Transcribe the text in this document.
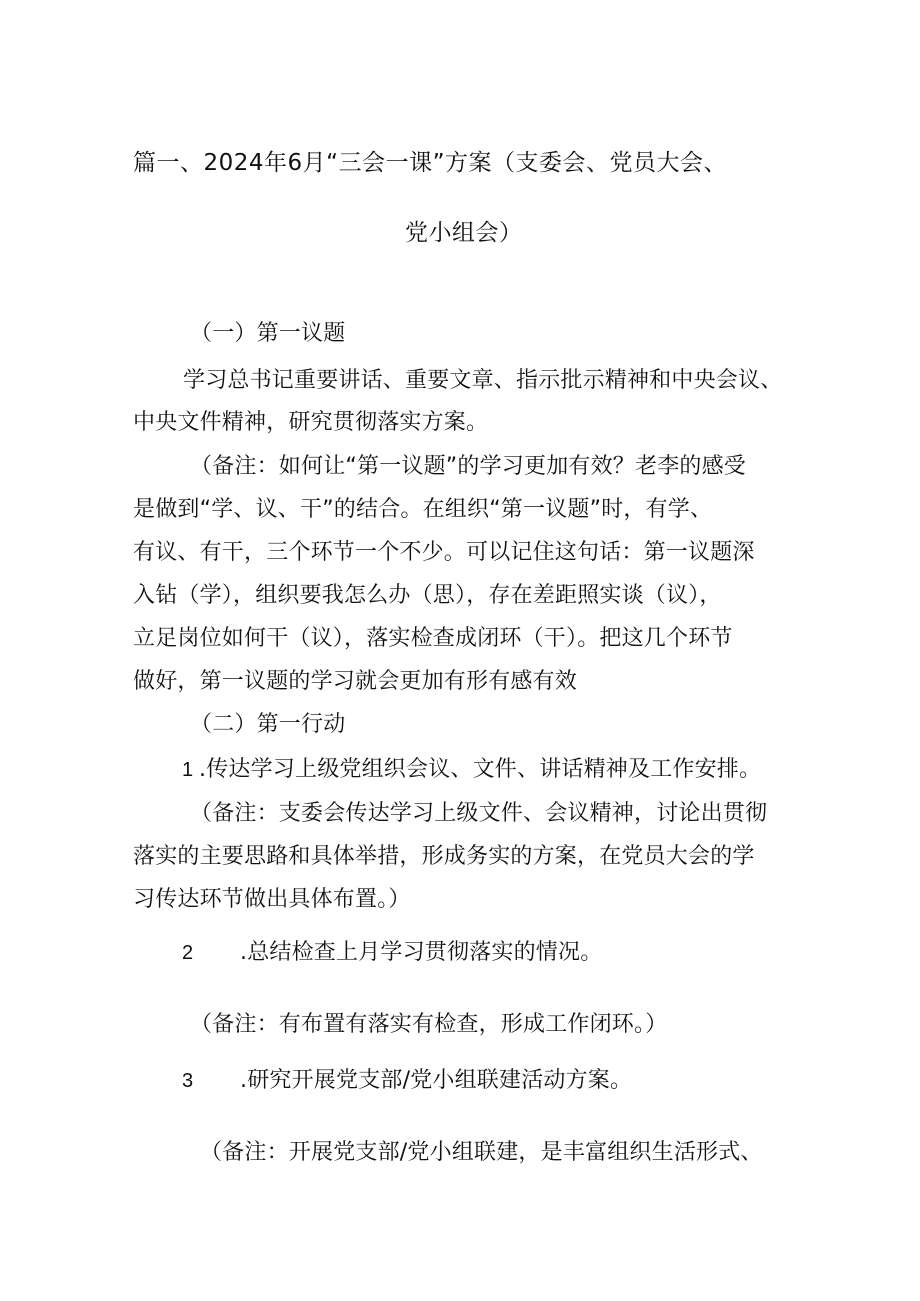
篇一、2024年6月“三会一课”方案（支委会、党员大会、
党小组会）
（一）第一议题
学习总书记重要讲话、重要文章、指示批示精神和中央会议、
中央文件精神，研究贯彻落实方案。
（备注：如何让“第一议题”的学习更加有效？老李的感受
是做到“学、议、干”的结合。在组织“第一议题”时，有学、
有议、有干，三个环节一个不少。可以记住这句话：第一议题深
入钻（学），组织要我怎么办（思），存在差距照实谈（议），
立足岗位如何干（议），落实检查成闭环（干）。把这几个环节
做好，第一议题的学习就会更加有形有感有效
（二）第一行动
1 .传达学习上级党组织会议、文件、讲话精神及工作安排。
（备注：支委会传达学习上级文件、会议精神，讨论出贯彻
落实的主要思路和具体举措，形成务实的方案，在党员大会的学
习传达环节做出具体布置。）
2 .总结检查上月学习贯彻落实的情况。
（备注：有布置有落实有检查，形成工作闭环。）
3 .研究开展党支部/党小组联建活动方案。
（备注：开展党支部/党小组联建，是丰富组织生活形式、
